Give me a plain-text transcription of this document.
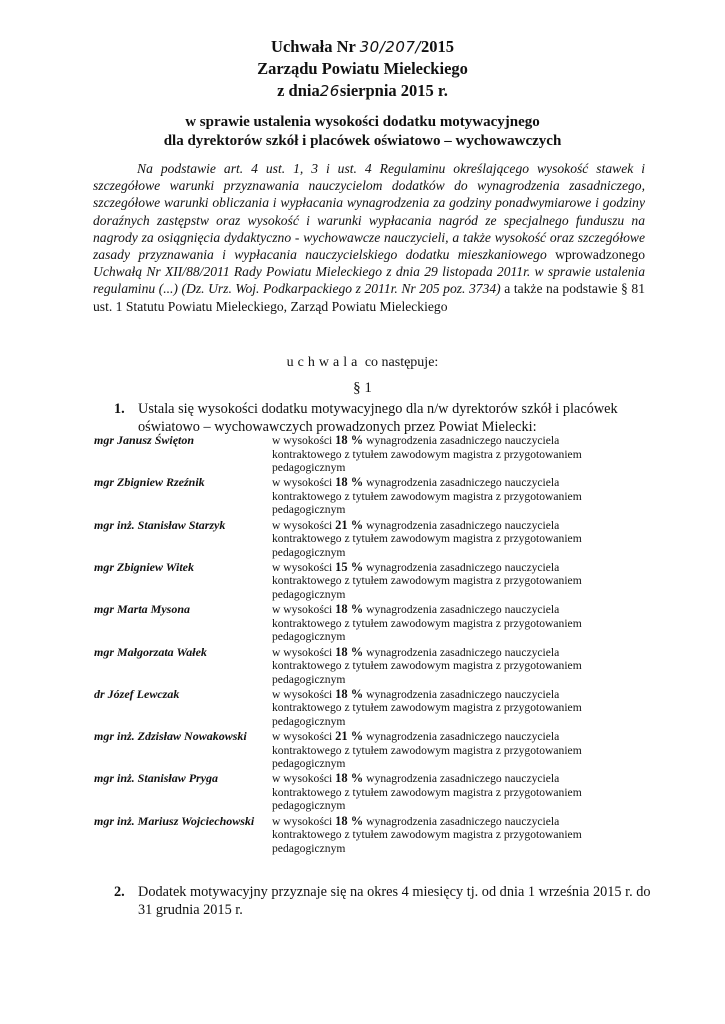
Uchwała Nr 30/207/2015
Zarządu Powiatu Mieleckiego
z dnia26sierpnia 2015 r.
w sprawie ustalenia wysokości dodatku motywacyjnego
dla dyrektorów szkół i placówek oświatowo – wychowawczych

Na podstawie art. 4 ust. 1, 3 i ust. 4 Regulaminu określającego wysokość stawek i szczegółowe warunki przyznawania nauczycielom dodatków do wynagrodzenia zasadniczego, szczegółowe warunki obliczania i wypłacania wynagrodzenia za godziny ponadwymiarowe i godziny doraźnych zastępstw oraz wysokość i warunki wypłacania nagród ze specjalnego funduszu na nagrody za osiągnięcia dydaktyczno - wychowawcze nauczycieli, a także wysokość oraz szczegółowe zasady przyznawania i wypłacania nauczycielskiego dodatku mieszkaniowego wprowadzonego Uchwałą Nr XII/88/2011 Rady Powiatu Mieleckiego z dnia 29 listopada 2011r. w sprawie ustalenia regulaminu (...) (Dz. Urz. Woj. Podkarpackiego z 2011r. Nr 205 poz. 3734) a także na podstawie § 81 ust. 1 Statutu Powiatu Mieleckiego, Zarząd Powiatu Mieleckiego

uchwala co następuje:
§ 1
1. Ustala się wysokości dodatku motywacyjnego dla n/w dyrektorów szkół i placówek oświatowo – wychowawczych prowadzonych przez Powiat Mielecki:
mgr Janusz Święton	w wysokości 18 % wynagrodzenia zasadniczego nauczyciela
kontraktowego z tytułem zawodowym magistra z przygotowaniem
pedagogicznym
mgr Zbigniew Rzeźnik	w wysokości 18 % wynagrodzenia zasadniczego nauczyciela
kontraktowego z tytułem zawodowym magistra z przygotowaniem
pedagogicznym
mgr inż. Stanisław Starzyk	w wysokości 21 % wynagrodzenia zasadniczego nauczyciela
kontraktowego z tytułem zawodowym magistra z przygotowaniem
pedagogicznym
mgr Zbigniew Witek	w wysokości 15 % wynagrodzenia zasadniczego nauczyciela
kontraktowego z tytułem zawodowym magistra z przygotowaniem
pedagogicznym
mgr Marta Mysona	w wysokości 18 % wynagrodzenia zasadniczego nauczyciela
kontraktowego z tytułem zawodowym magistra z przygotowaniem
pedagogicznym
mgr Małgorzata Wałek	w wysokości 18 % wynagrodzenia zasadniczego nauczyciela
kontraktowego z tytułem zawodowym magistra z przygotowaniem
pedagogicznym
dr Józef Lewczak	w wysokości 18 % wynagrodzenia zasadniczego nauczyciela
kontraktowego z tytułem zawodowym magistra z przygotowaniem
pedagogicznym
mgr inż. Zdzisław Nowakowski	w wysokości 21 % wynagrodzenia zasadniczego nauczyciela
kontraktowego z tytułem zawodowym magistra z przygotowaniem
pedagogicznym
mgr inż. Stanisław Pryga	w wysokości 18 % wynagrodzenia zasadniczego nauczyciela
kontraktowego z tytułem zawodowym magistra z przygotowaniem
pedagogicznym
mgr inż. Mariusz Wojciechowski	w wysokości 18 % wynagrodzenia zasadniczego nauczyciela
kontraktowego z tytułem zawodowym magistra z przygotowaniem
pedagogicznym
2. Dodatek motywacyjny przyznaje się na okres 4 miesięcy tj. od dnia 1 września 2015 r. do 31 grudnia 2015 r.
